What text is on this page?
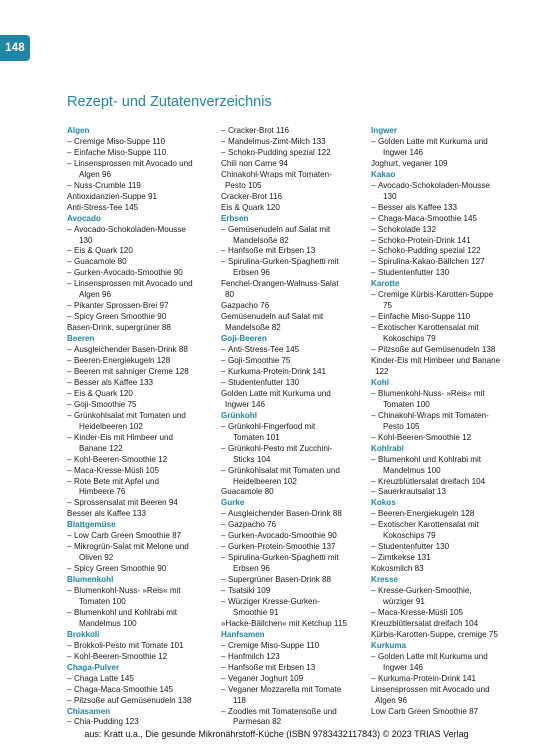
148
Rezept- und Zutatenverzeichnis
Algen
– Cremige Miso-Suppe 110
– Einfache Miso-Suppe 110
– Linsensprossen mit Avocado und
Algen 96
– Nuss-Crumble 119
Antioxidanzien-Suppe 91
Anti-Stress-Tee 145
Avocado
– Avocado-Schokoladen-Mousse
130
– Eis & Quark 120
– Guacamole 80
– Gurken-Avocado-Smoothie 90
– Linsensprossen mit Avocado und
Algen 96
– Pikanter Sprossen-Brei 97
– Spicy Green Smoothie 90
Basen-Drink, supergrüner 88
Beeren
– Ausgleichender Basen-Drink 88
– Beeren-Energiekugeln 128
– Beeren mit sahniger Creme 128
– Besser als Kaffee 133
– Eis & Quark 120
– Goji-Smoothie 75
– Grünkohlsalat mit Tomaten und
Heidelbeeren 102
– Kinder-Eis mit Himbeer und
Banane 122
– Kohl-Beeren-Smoothie 12
– Maca-Kresse-Müsli 105
– Rote Bete mit Apfel und
Himbeere 76
– Sprossensalat mit Beeren 94
Besser als Kaffee 133
Blattgemüse
– Low Carb Green Smoothie 87
– Mikrogrün-Salat mit Melone und
Oliven 92
– Spicy Green Smoothie 90
Blumenkohl
– Blumenkohl-Nuss- »Reis« mit
Tomaten 100
– Blumenkohl und Kohlrabi mit
Mandelmus 100
Brokkoli
– Brokkoli-Pesto mit Tomate 101
– Kohl-Beeren-Smoothie 12
Chaga-Pulver
– Chaga Latte 145
– Chaga-Maca-Smoothie 145
– Pilzsoße auf Gemüsenudeln 138
Chiasamen
– Chia-Pudding 123
– Cracker-Brot 116
– Mandelmus-Zimt-Milch 133
– Schoko-Pudding spezial 122
Chili non Carne 94
Chinakohl-Wraps mit Tomaten-
Pesto 105
Cracker-Brot 116
Eis & Quark 120
Erbsen
– Gemüsenudeln auf Salat mit
Mandelsoße 82
– Hanfsoße mit Erbsen 13
– Spirulina-Gurken-Spaghetti mit
Erbsen 96
Fenchel-Orangen-Walnuss-Salat
80
Gazpacho 76
Gemüsenudeln auf Salat mit
Mandelsoße 82
Goji-Beeren
– Anti-Stress-Tee 145
– Goji-Smoothie 75
– Kurkuma-Protein-Drink 141
– Studentenfutter 130
Golden Latte mit Kurkuma und
Ingwer 146
Grünkohl
– Grünkohl-Fingerfood mit
Tomaten 101
– Grünkohl-Pesto mit Zucchini-
Sticks 104
– Grünkohlsalat mit Tomaten und
Heidelbeeren 102
Guacamole 80
Gurke
– Ausgleichender Basen-Drink 88
– Gazpacho 76
– Gurken-Avocado-Smoothie 90
– Gurken-Protein-Smoothie 137
– Spirulina-Gurken-Spaghetti mit
Erbsen 96
– Supergrüner Basen-Drink 88
– Tsatsiki 109
– Würziger Kresse-Gurken-
Smoothie 91
»Hacke-Bällchen« mit Ketchup 115
Hanfsamen
– Cremige Miso-Suppe 110
– Hanfmilch 123
– Hanfsoße mit Erbsen 13
– Veganer Joghurt 109
– Veganer Mozzarella mit Tomate
118
– Zoodles mit Tomatensoße und
Parmesan 82
Ingwer
– Golden Latte mit Kurkuma und
Ingwer 146
Joghurt, veganer 109
Kakao
– Avocado-Schokoladen-Mousse
130
– Besser als Kaffee 133
– Chaga-Maca-Smoothie 145
– Schokolade 132
– Schoko-Protein-Drink 141
– Schoko-Pudding spezial 122
– Spirulina-Kakao-Bällchen 127
– Studentenfutter 130
Karotte
– Cremige Kürbis-Karotten-Suppe
75
– Einfache Miso-Suppe 110
– Exotischer Karottensalat mit
Kokoschips 79
– Pilzsoße auf Gemüsenudeln 138
Kinder-Eis mit Himbeer und Banane
122
Kohl
– Blumenkohl-Nuss- »Reis« mit
Tomaten 100
– Chinakohl-Wraps mit Tomaten-
Pesto 105
– Kohl-Beeren-Smoothie 12
Kohlrabi
– Blumenkohl und Kohlrabi mit
Mandelmus 100
– Kreuzblütlersalat dreifach 104
– Sauerkrautsalat 13
Kokos
– Beeren-Energiekugeln 128
– Exotischer Karottensalat mit
Kokoschips 79
– Studentenfutter 130
– Zimtkekse 131
Kokosmilch 83
Kresse
– Kresse-Gurken-Smoothie,
würziger 91
– Maca-Kresse-Müsli 105
Kreuzblütlersalat dreifach 104
Kürbis-Karotten-Suppe, cremige 75
Kurkuma
– Golden Latte mit Kurkuma und
Ingwer 146
– Kurkuma-Protein-Drink 141
Linsensprossen mit Avocado und
Algen 96
Low Carb Green Smoothie 87
aus: Kratt u.a., Die gesunde Mikronährstoff-Küche (ISBN 9783432117843) © 2023 TRIAS Verlag
